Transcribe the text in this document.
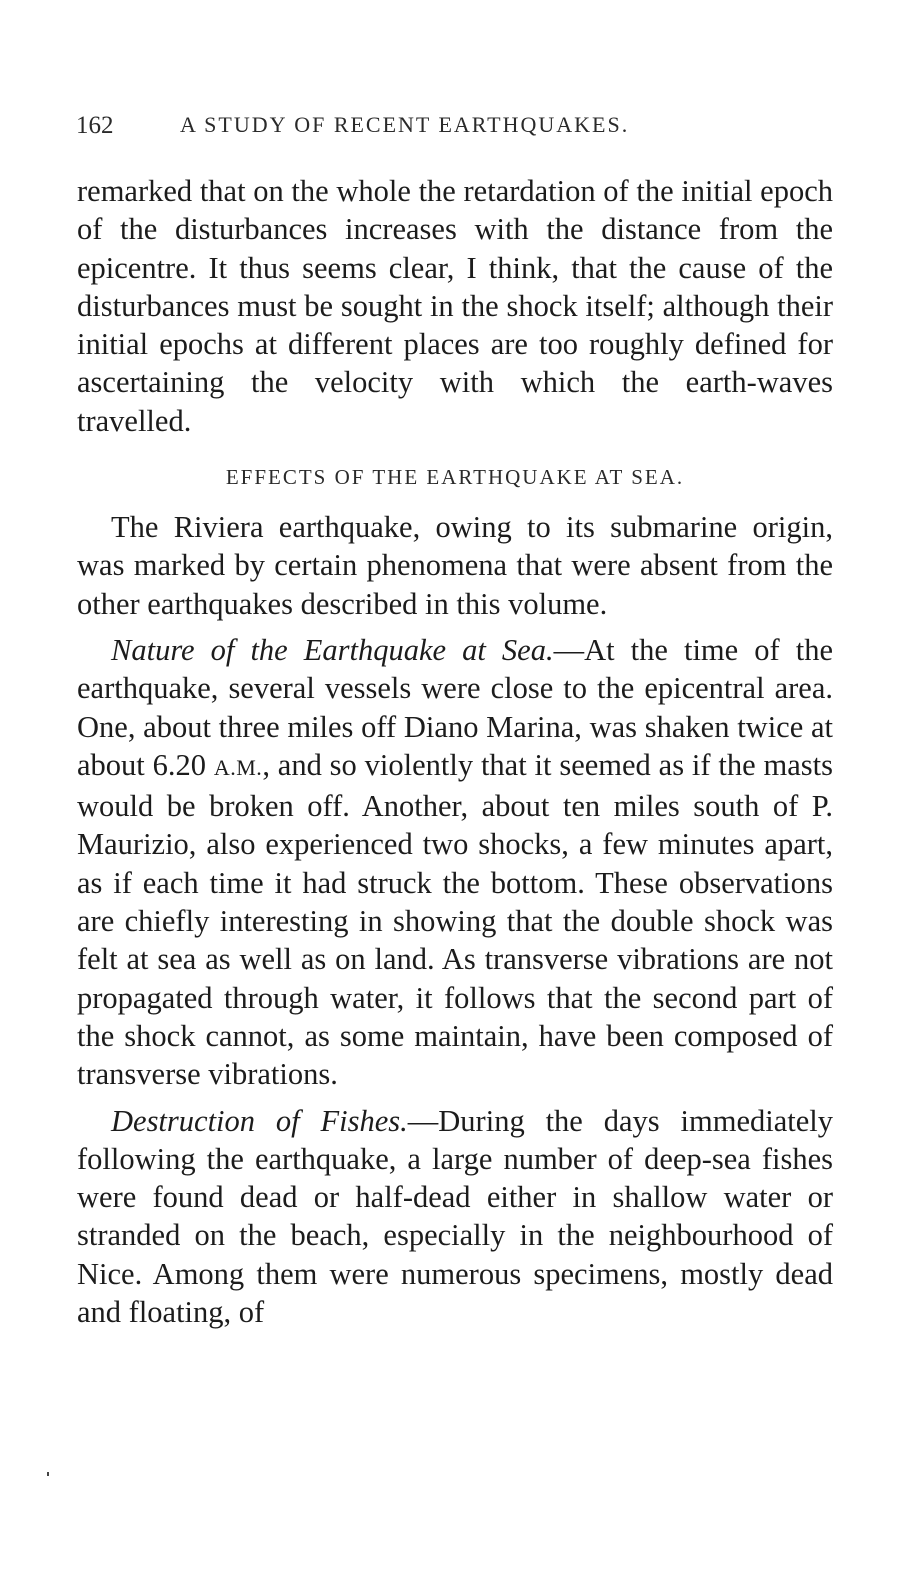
162	A STUDY OF RECENT EARTHQUAKES.

remarked that on the whole the retardation of the initial epoch of the disturbances increases with the distance from the epicentre. It thus seems clear, I think, that the cause of the disturbances must be sought in the shock itself; although their initial epochs at different places are too roughly defined for ascertaining the velocity with which the earth-waves travelled.

EFFECTS OF THE EARTHQUAKE AT SEA.

The Riviera earthquake, owing to its submarine origin, was marked by certain phenomena that were absent from the other earthquakes described in this volume.

Nature of the Earthquake at Sea.—At the time of the earthquake, several vessels were close to the epicentral area. One, about three miles off Diano Marina, was shaken twice at about 6.20 A.M., and so violently that it seemed as if the masts would be broken off. Another, about ten miles south of P. Maurizio, also experienced two shocks, a few minutes apart, as if each time it had struck the bottom. These observations are chiefly interesting in showing that the double shock was felt at sea as well as on land. As transverse vibrations are not propagated through water, it follows that the second part of the shock cannot, as some maintain, have been composed of transverse vibrations.

Destruction of Fishes.—During the days immediately following the earthquake, a large number of deep-sea fishes were found dead or half-dead either in shallow water or stranded on the beach, especially in the neighbourhood of Nice. Among them were numerous specimens, mostly dead and floating, of
